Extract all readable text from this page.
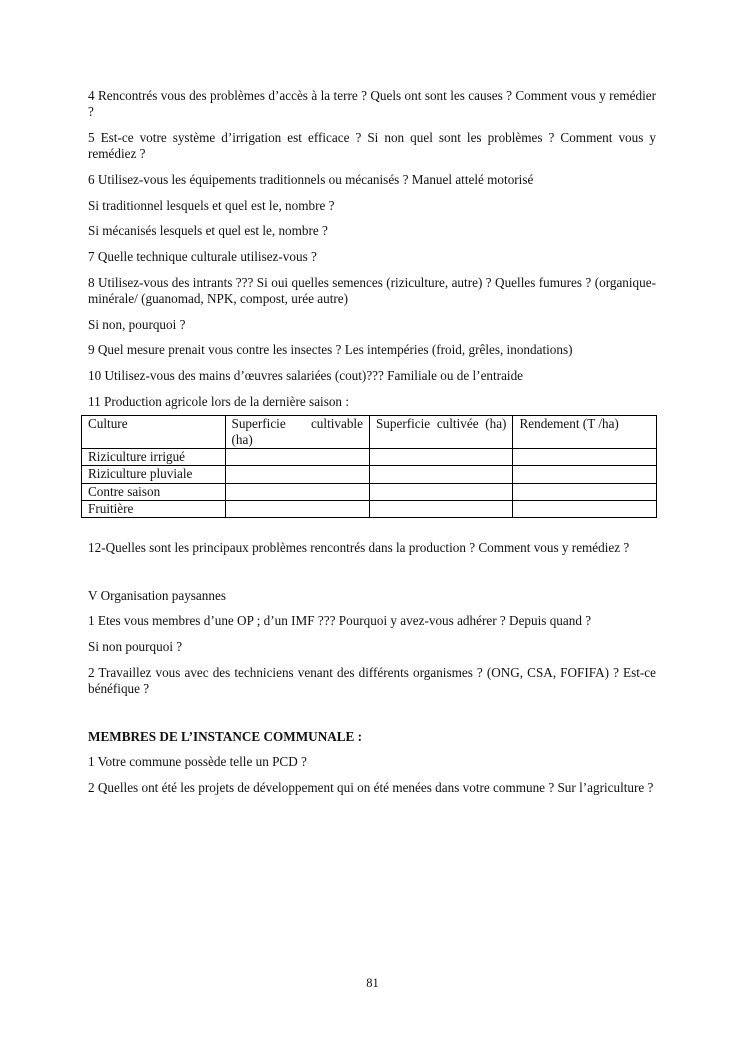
4 Rencontrés vous des problèmes d’accès à la terre ? Quels ont sont les causes ? Comment vous y remédier ?

5 Est-ce votre système d’irrigation est efficace ? Si non quel sont les problèmes ? Comment vous y remédiez ?

6 Utilisez-vous les équipements traditionnels ou mécanisés ? Manuel attelé motorisé

Si traditionnel lesquels et quel est le, nombre ?

Si mécanisés lesquels et quel est le, nombre ?

7 Quelle technique culturale utilisez-vous ?

8 Utilisez-vous des intrants ??? Si oui quelles semences (riziculture, autre) ? Quelles fumures ? (organique-minérale/ (guanomad, NPK, compost, urée autre)

Si non, pourquoi ?

9 Quel mesure prenait vous contre les insectes ? Les intempéries (froid, grêles, inondations)

10 Utilisez-vous des mains d’œuvres salariées (cout)??? Familiale ou de l’entraide

11 Production agricole lors de la dernière saison :

Culture	Superficie cultivable (ha)	Superficie cultivée (ha)	Rendement (T /ha)
Riziculture irrigué			
Riziculture pluviale			
Contre saison			
Fruitière			

12-Quelles sont les principaux problèmes rencontrés dans la production ? Comment vous y remédiez ?

V Organisation paysannes

1 Etes vous membres d’une OP ; d’un IMF ??? Pourquoi y avez-vous adhérer ? Depuis quand ?

Si non pourquoi ?

2 Travaillez vous avec des techniciens venant des différents organismes ? (ONG, CSA, FOFIFA) ? Est-ce bénéfique ?

MEMBRES DE L’INSTANCE COMMUNALE :

1 Votre commune possède telle un PCD ?

2 Quelles ont été les projets de développement qui on été menées dans votre commune ? Sur l’agriculture ?

81
